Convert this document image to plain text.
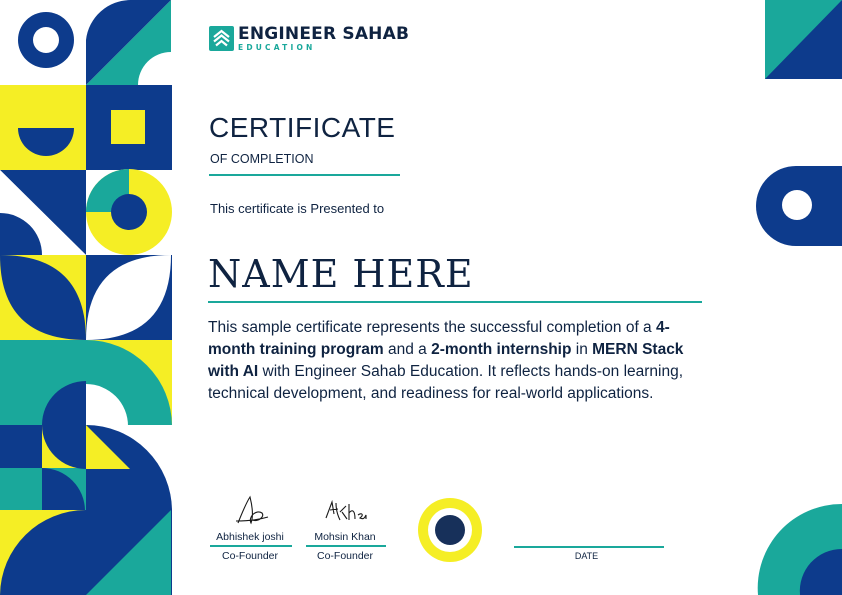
ENGINEER SAHAB
EDUCATION
CERTIFICATE
OF COMPLETION
This certificate is Presented to
NAME HERE
This sample certificate represents the successful completion of a 4-month training program and a 2-month internship in MERN Stack with AI with Engineer Sahab Education. It reflects hands-on learning, technical development, and readiness for real-world applications.
Abhishek joshi
Co-Founder
Mohsin Khan
Co-Founder	DATE
